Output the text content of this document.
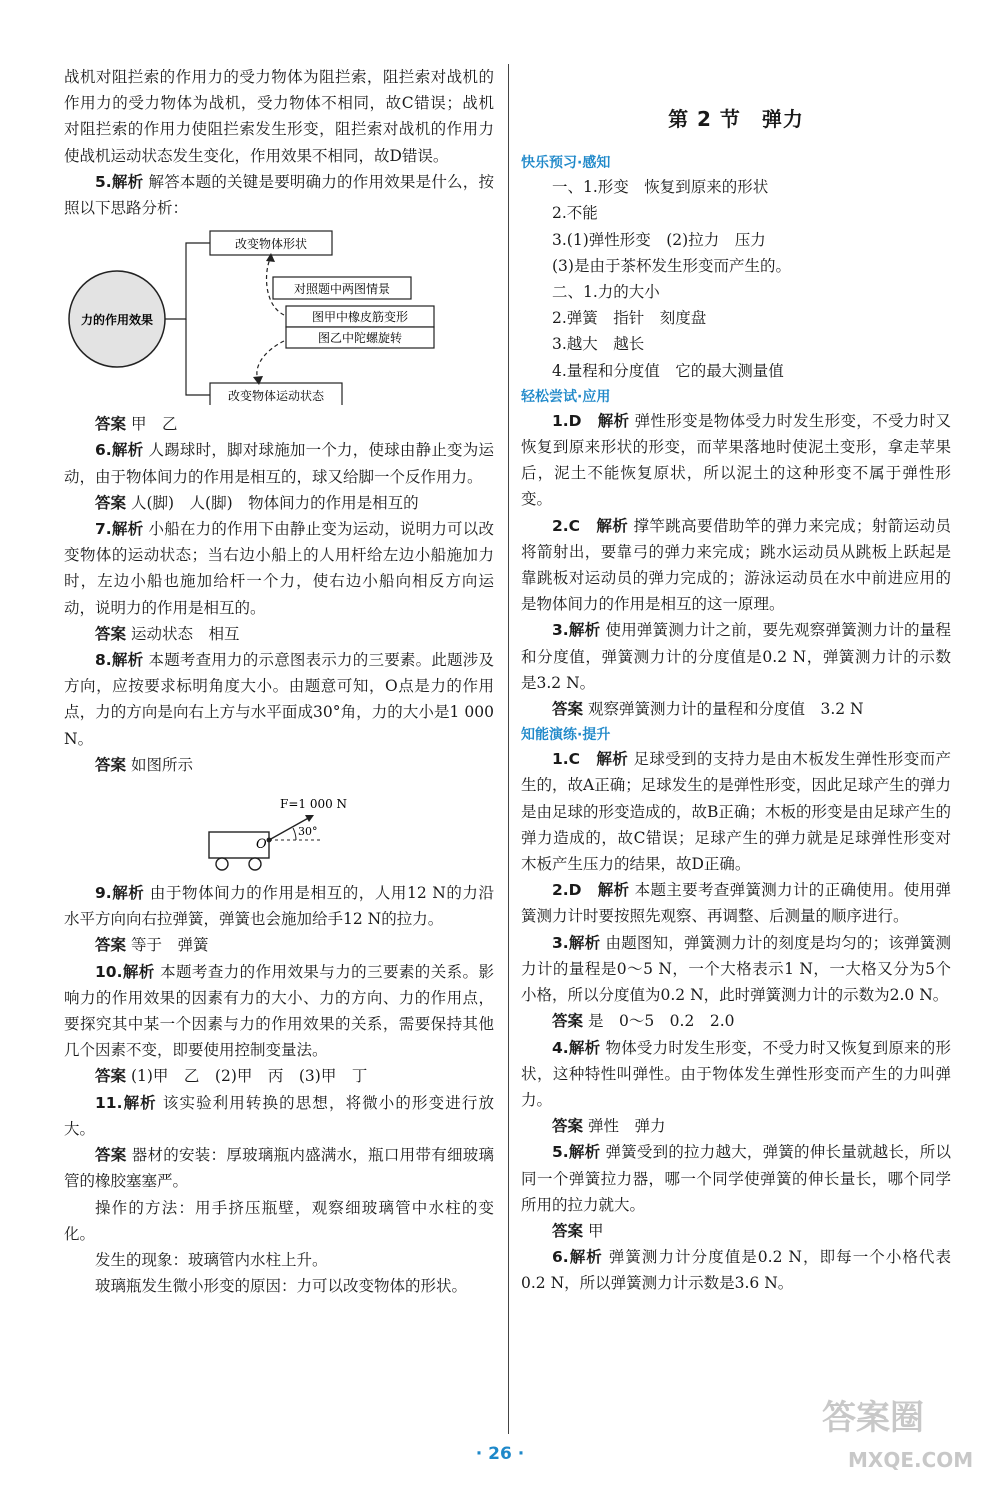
战机对阻拦索的作用力的受力物体为阻拦索，阻拦索对战机的作用力的受力物体为战机，受力物体不相同，故C错误；战机对阻拦索的作用力使阻拦索发生形变，阻拦索对战机的作用力使战机运动状态发生变化，作用效果不相同，故D错误。

5.解析 解答本题的关键是要明确力的作用效果是什么，按照以下思路分析：

力的作用效果
改变物体形状
对照题中两图情景
图甲中橡皮筋变形
图乙中陀螺旋转
改变物体运动状态

答案 甲　乙

6.解析 人踢球时，脚对球施加一个力，使球由静止变为运动，由于物体间力的作用是相互的，球又给脚一个反作用力。

答案 人(脚)　人(脚)　物体间力的作用是相互的

7.解析 小船在力的作用下由静止变为运动，说明力可以改变物体的运动状态；当右边小船上的人用杆给左边小船施加力时，左边小船也施加给杆一个力，使右边小船向相反方向运动，说明力的作用是相互的。

答案 运动状态　相互

8.解析 本题考查用力的示意图表示力的三要素。此题涉及方向，应按要求标明角度大小。由题意可知，O点是力的作用点，力的方向是向右上方与水平面成30°角，力的大小是1 000 N。

答案 如图所示

O
30°
F=1 000 N

9.解析 由于物体间力的作用是相互的，人用12 N的力沿水平方向向右拉弹簧，弹簧也会施加给手12 N的拉力。

答案 等于　弹簧

10.解析 本题考查力的作用效果与力的三要素的关系。影响力的作用效果的因素有力的大小、力的方向、力的作用点，要探究其中某一个因素与力的作用效果的关系，需要保持其他几个因素不变，即要使用控制变量法。

答案 (1)甲　乙　(2)甲　丙　(3)甲　丁

11.解析 该实验利用转换的思想，将微小的形变进行放大。

答案 器材的安装：厚玻璃瓶内盛满水，瓶口用带有细玻璃管的橡胶塞塞严。

操作的方法：用手挤压瓶壁，观察细玻璃管中水柱的变化。

发生的现象：玻璃管内水柱上升。

玻璃瓶发生微小形变的原因：力可以改变物体的形状。

第 2 节　弹力
快乐预习·感知

一、1.形变　恢复到原来的形状

2.不能

3.(1)弹性形变　(2)拉力　压力

(3)是由于茶杯发生形变而产生的。

二、1.力的大小

2.弹簧　指针　刻度盘

3.越大　越长

4.量程和分度值　它的最大测量值

轻松尝试·应用

1.D　解析 弹性形变是物体受力时发生形变，不受力时又恢复到原来形状的形变，而苹果落地时使泥土变形，拿走苹果后，泥土不能恢复原状，所以泥土的这种形变不属于弹性形变。

2.C　解析 撑竿跳高要借助竿的弹力来完成；射箭运动员将箭射出，要靠弓的弹力来完成；跳水运动员从跳板上跃起是靠跳板对运动员的弹力完成的；游泳运动员在水中前进应用的是物体间力的作用是相互的这一原理。

3.解析 使用弹簧测力计之前，要先观察弹簧测力计的量程和分度值，弹簧测力计的分度值是0.2 N，弹簧测力计的示数是3.2 N。

答案 观察弹簧测力计的量程和分度值　3.2 N

知能演练·提升

1.C　解析 足球受到的支持力是由木板发生弹性形变而产生的，故A正确；足球发生的是弹性形变，因此足球产生的弹力是由足球的形变造成的，故B正确；木板的形变是由足球产生的弹力造成的，故C错误；足球产生的弹力就是足球弹性形变对木板产生压力的结果，故D正确。

2.D　解析 本题主要考查弹簧测力计的正确使用。使用弹簧测力计时要按照先观察、再调整、后测量的顺序进行。

3.解析 由题图知，弹簧测力计的刻度是均匀的；该弹簧测力计的量程是0～5 N，一个大格表示1 N，一大格又分为5个小格，所以分度值为0.2 N，此时弹簧测力计的示数为2.0 N。

答案 是　0～5　0.2　2.0

4.解析 物体受力时发生形变，不受力时又恢复到原来的形状，这种特性叫弹性。由于物体发生弹性形变而产生的力叫弹力。

答案 弹性　弹力

5.解析 弹簧受到的拉力越大，弹簧的伸长量就越长，所以同一个弹簧拉力器，哪一个同学使弹簧的伸长量长，哪个同学所用的拉力就大。

答案 甲

6.解析 弹簧测力计分度值是0.2 N，即每一个小格代表0.2 N，所以弹簧测力计示数是3.6 N。

· 26 ·
答案圈
MXQE.COM
